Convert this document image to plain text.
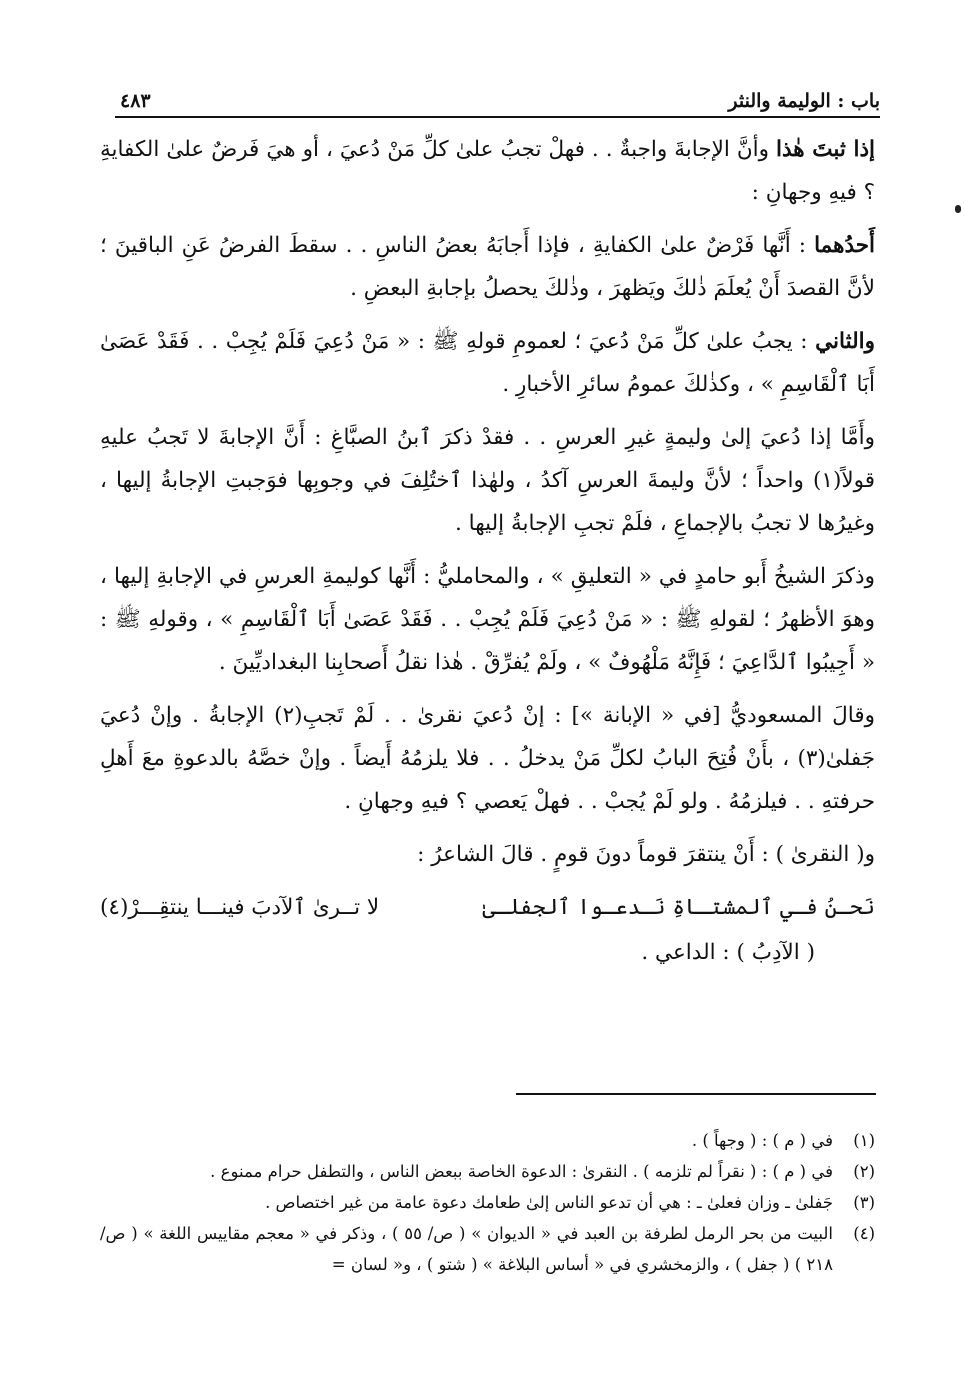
باب : الوليمة والنثر
٤٨٣

إذا ثبتَ هٰذا وأنَّ الإجابةَ واجبةٌ . . فهلْ تجبُ علىٰ كلِّ مَنْ دُعيَ ، أو هيَ فَرضٌ علىٰ الكفايةِ ؟ فيهِ وجهانِ :

أَحدُهما : أَنَّها فَرْضٌ علىٰ الكفايةِ ، فإذا أَجابَهُ بعضُ الناسِ . . سقطَ الفرضُ عَنِ الباقينَ ؛ لأنَّ القصدَ أَنْ يُعلَمَ ذٰلكَ ويَظهرَ ، وذٰلكَ يحصلُ بإجابةِ البعضِ .

والثاني : يجبُ علىٰ كلِّ مَنْ دُعيَ ؛ لعمومِ قولهِ ﷺ : « مَنْ دُعِيَ فَلَمْ يُجِبْ . . فَقَدْ عَصَىٰ أَبَا ٱلْقَاسِمِ » ، وكذٰلكَ عمومُ سائرِ الأخبارِ .

وأَمَّا إذا دُعيَ إلىٰ وليمةٍ غيرِ العرسِ . . فقدْ ذكرَ ٱبنُ الصبَّاغِ : أَنَّ الإجابةَ لا تَجبُ عليهِ قولاً(١) واحداً ؛ لأنَّ وليمةَ العرسِ آكدُ ، ولهٰذا ٱختُلِفَ في وجوبِها فوَجبتِ الإجابةُ إليها ، وغيرُها لا تجبُ بالإجماعِ ، فلَمْ تجبِ الإجابةُ إليها .

وذكرَ الشيخُ أَبو حامدٍ في « التعليقِ » ، والمحامليُّ : أَنَّها كوليمةِ العرسِ في الإجابةِ إليها ، وهوَ الأظهرُ ؛ لقولهِ ﷺ : « مَنْ دُعِيَ فَلَمْ يُجِبْ . . فَقَدْ عَصَىٰ أَبَا ٱلْقَاسِمِ » ، وقولهِ ﷺ : « أَجِيبُوا ٱلدَّاعِيَ ؛ فَإِنَّهُ مَلْهُوفٌ » ، ولَمْ يُفرِّقْ . هٰذا نقلُ أَصحابِنا البغداديِّينَ .

وقالَ المسعوديُّ [في « الإبانة »] : إنْ دُعيَ نقرىٰ . . لَمْ تَجبِ(٢) الإجابةُ . وإنْ دُعيَ جَفلىٰ(٣) ، بأَنْ فُتِحَ البابُ لكلِّ مَنْ يدخلُ . . فلا يلزمُهُ أَيضاً . وإنْ خصَّهُ بالدعوةِ معَ أَهلِ حرفتهِ . . فيلزمُهُ . ولو لَمْ يُجبْ . . فهلْ يَعصي ؟ فيهِ وجهانِ .

و( النقرىٰ ) : أَنْ ينتقرَ قوماً دونَ قومٍ . قالَ الشاعرُ :

نَحـنُ فـي ٱلمشتـاةِ نَـدعـوا ٱلجفلـىٰ
لا تــرىٰ ٱلآدبَ فينـــا ينتقِـــرْ(٤)

( الآدِبُ ) : الداعي .

(١)
في ( م ) : ( وجهاً ) .
(٢)
في ( م ) : ( نقراً لم تلزمه ) . النقرىٰ : الدعوة الخاصة ببعض الناس ، والتطفل حرام ممنوع .
(٣)
جَفلىٰ ـ وزان فعلىٰ ـ : هي أن تدعو الناس إلىٰ طعامك دعوة عامة من غير اختصاص .
(٤)
البيت من بحر الرمل لطرفة بن العبد في « الديوان » ( ص/ ٥٥ ) ، وذكر في « معجم مقاييس اللغة » ( ص/٢١٨ ) ( جفل ) ، والزمخشري في « أساس البلاغة » ( شتو ) ، و« لسان =
